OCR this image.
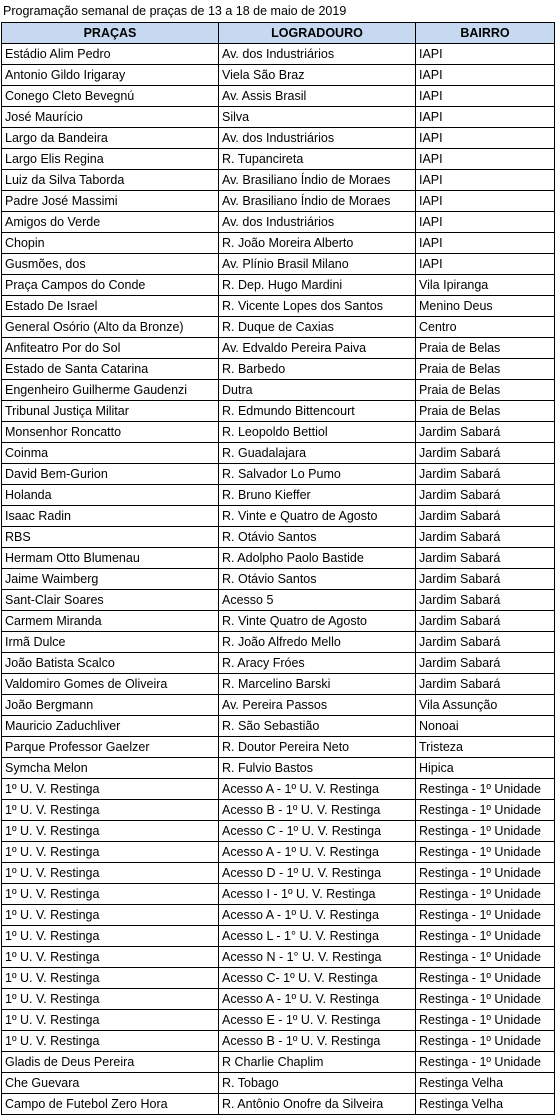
Programação semanal de praças de 13 a 18 de maio de 2019
PRAÇAS	LOGRADOURO	BAIRRO
Estádio Alim Pedro	Av. dos Industriários	IAPI
Antonio Gildo Irigaray	Viela São Braz	IAPI
Conego Cleto Bevegnú	Av. Assis Brasil	IAPI
José Maurício	Silva	IAPI
Largo da Bandeira	Av. dos Industriários	IAPI
Largo Elis Regina	R. Tupancireta	IAPI
Luiz da Silva Taborda	Av. Brasiliano Índio de Moraes	IAPI
Padre José Massimi	Av. Brasiliano Índio de Moraes	IAPI
Amigos do Verde	Av. dos Industriários	IAPI
Chopin	R. João Moreira Alberto	IAPI
Gusmões, dos	Av. Plínio Brasil Milano	IAPI
Praça Campos do Conde	R. Dep. Hugo Mardini	Vila Ipiranga
Estado De Israel	R. Vicente Lopes dos Santos	Menino Deus
General Osório (Alto da Bronze)	R. Duque de Caxias	Centro
Anfiteatro Por do Sol	Av. Edvaldo Pereira Paiva	Praia de Belas
Estado de Santa Catarina	R. Barbedo	Praia de Belas
Engenheiro Guilherme Gaudenzi	Dutra	Praia de Belas
Tribunal Justiça Militar	R. Edmundo Bittencourt	Praia de Belas
Monsenhor Roncatto	R. Leopoldo Bettiol	Jardim Sabará
Coinma	R. Guadalajara	Jardim Sabará
David Bem-Gurion	R. Salvador Lo Pumo	Jardim Sabará
Holanda	R. Bruno Kieffer	Jardim Sabará
Isaac Radin	R. Vinte e Quatro de Agosto	Jardim Sabará
RBS	R. Otávio Santos	Jardim Sabará
Hermam Otto Blumenau	R. Adolpho Paolo Bastide	Jardim Sabará
Jaime Waimberg	R. Otávio Santos	Jardim Sabará
Sant-Clair Soares	Acesso 5	Jardim Sabará
Carmem Miranda	R. Vinte Quatro de Agosto	Jardim Sabará
Irmã Dulce	R. João Alfredo Mello	Jardim Sabará
João Batista Scalco	R. Aracy Fróes	Jardim Sabará
Valdomiro Gomes de Oliveira	R. Marcelino Barski	Jardim Sabará
João Bergmann	Av. Pereira Passos	Vila Assunção
Mauricio Zaduchliver	R. São Sebastião	Nonoai
Parque Professor Gaelzer	R. Doutor Pereira Neto	Tristeza
Symcha Melon	R. Fulvio Bastos	Hipica
1º U. V. Restinga	Acesso A - 1º U. V. Restinga	Restinga - 1º Unidade
1º U. V. Restinga	Acesso B - 1º U. V. Restinga	Restinga - 1º Unidade
1º U. V. Restinga	Acesso C - 1º U. V. Restinga	Restinga - 1º Unidade
1º U. V. Restinga	Acesso A - 1º U. V. Restinga	Restinga - 1º Unidade
1º U. V. Restinga	Acesso D - 1º U. V. Restinga	Restinga - 1º Unidade
1º U. V. Restinga	Acesso I - 1º U. V. Restinga	Restinga - 1º Unidade
1º U. V. Restinga	Acesso A - 1º U. V. Restinga	Restinga - 1º Unidade
1º U. V. Restinga	Acesso L - 1° U. V. Restinga	Restinga - 1º Unidade
1º U. V. Restinga	Acesso N - 1° U. V. Restinga	Restinga - 1º Unidade
1º U. V. Restinga	Acesso C- 1º U. V. Restinga	Restinga - 1º Unidade
1º U. V. Restinga	Acesso A - 1º U. V. Restinga	Restinga - 1º Unidade
1º U. V. Restinga	Acesso E - 1º U. V. Restinga	Restinga - 1º Unidade
1º U. V. Restinga	Acesso B - 1º U. V. Restinga	Restinga - 1º Unidade
Gladis de Deus Pereira	R Charlie Chaplim	Restinga - 1º Unidade
Che Guevara	R. Tobago	Restinga Velha
Campo de Futebol Zero Hora	R. Antônio Onofre da Silveira	Restinga Velha
